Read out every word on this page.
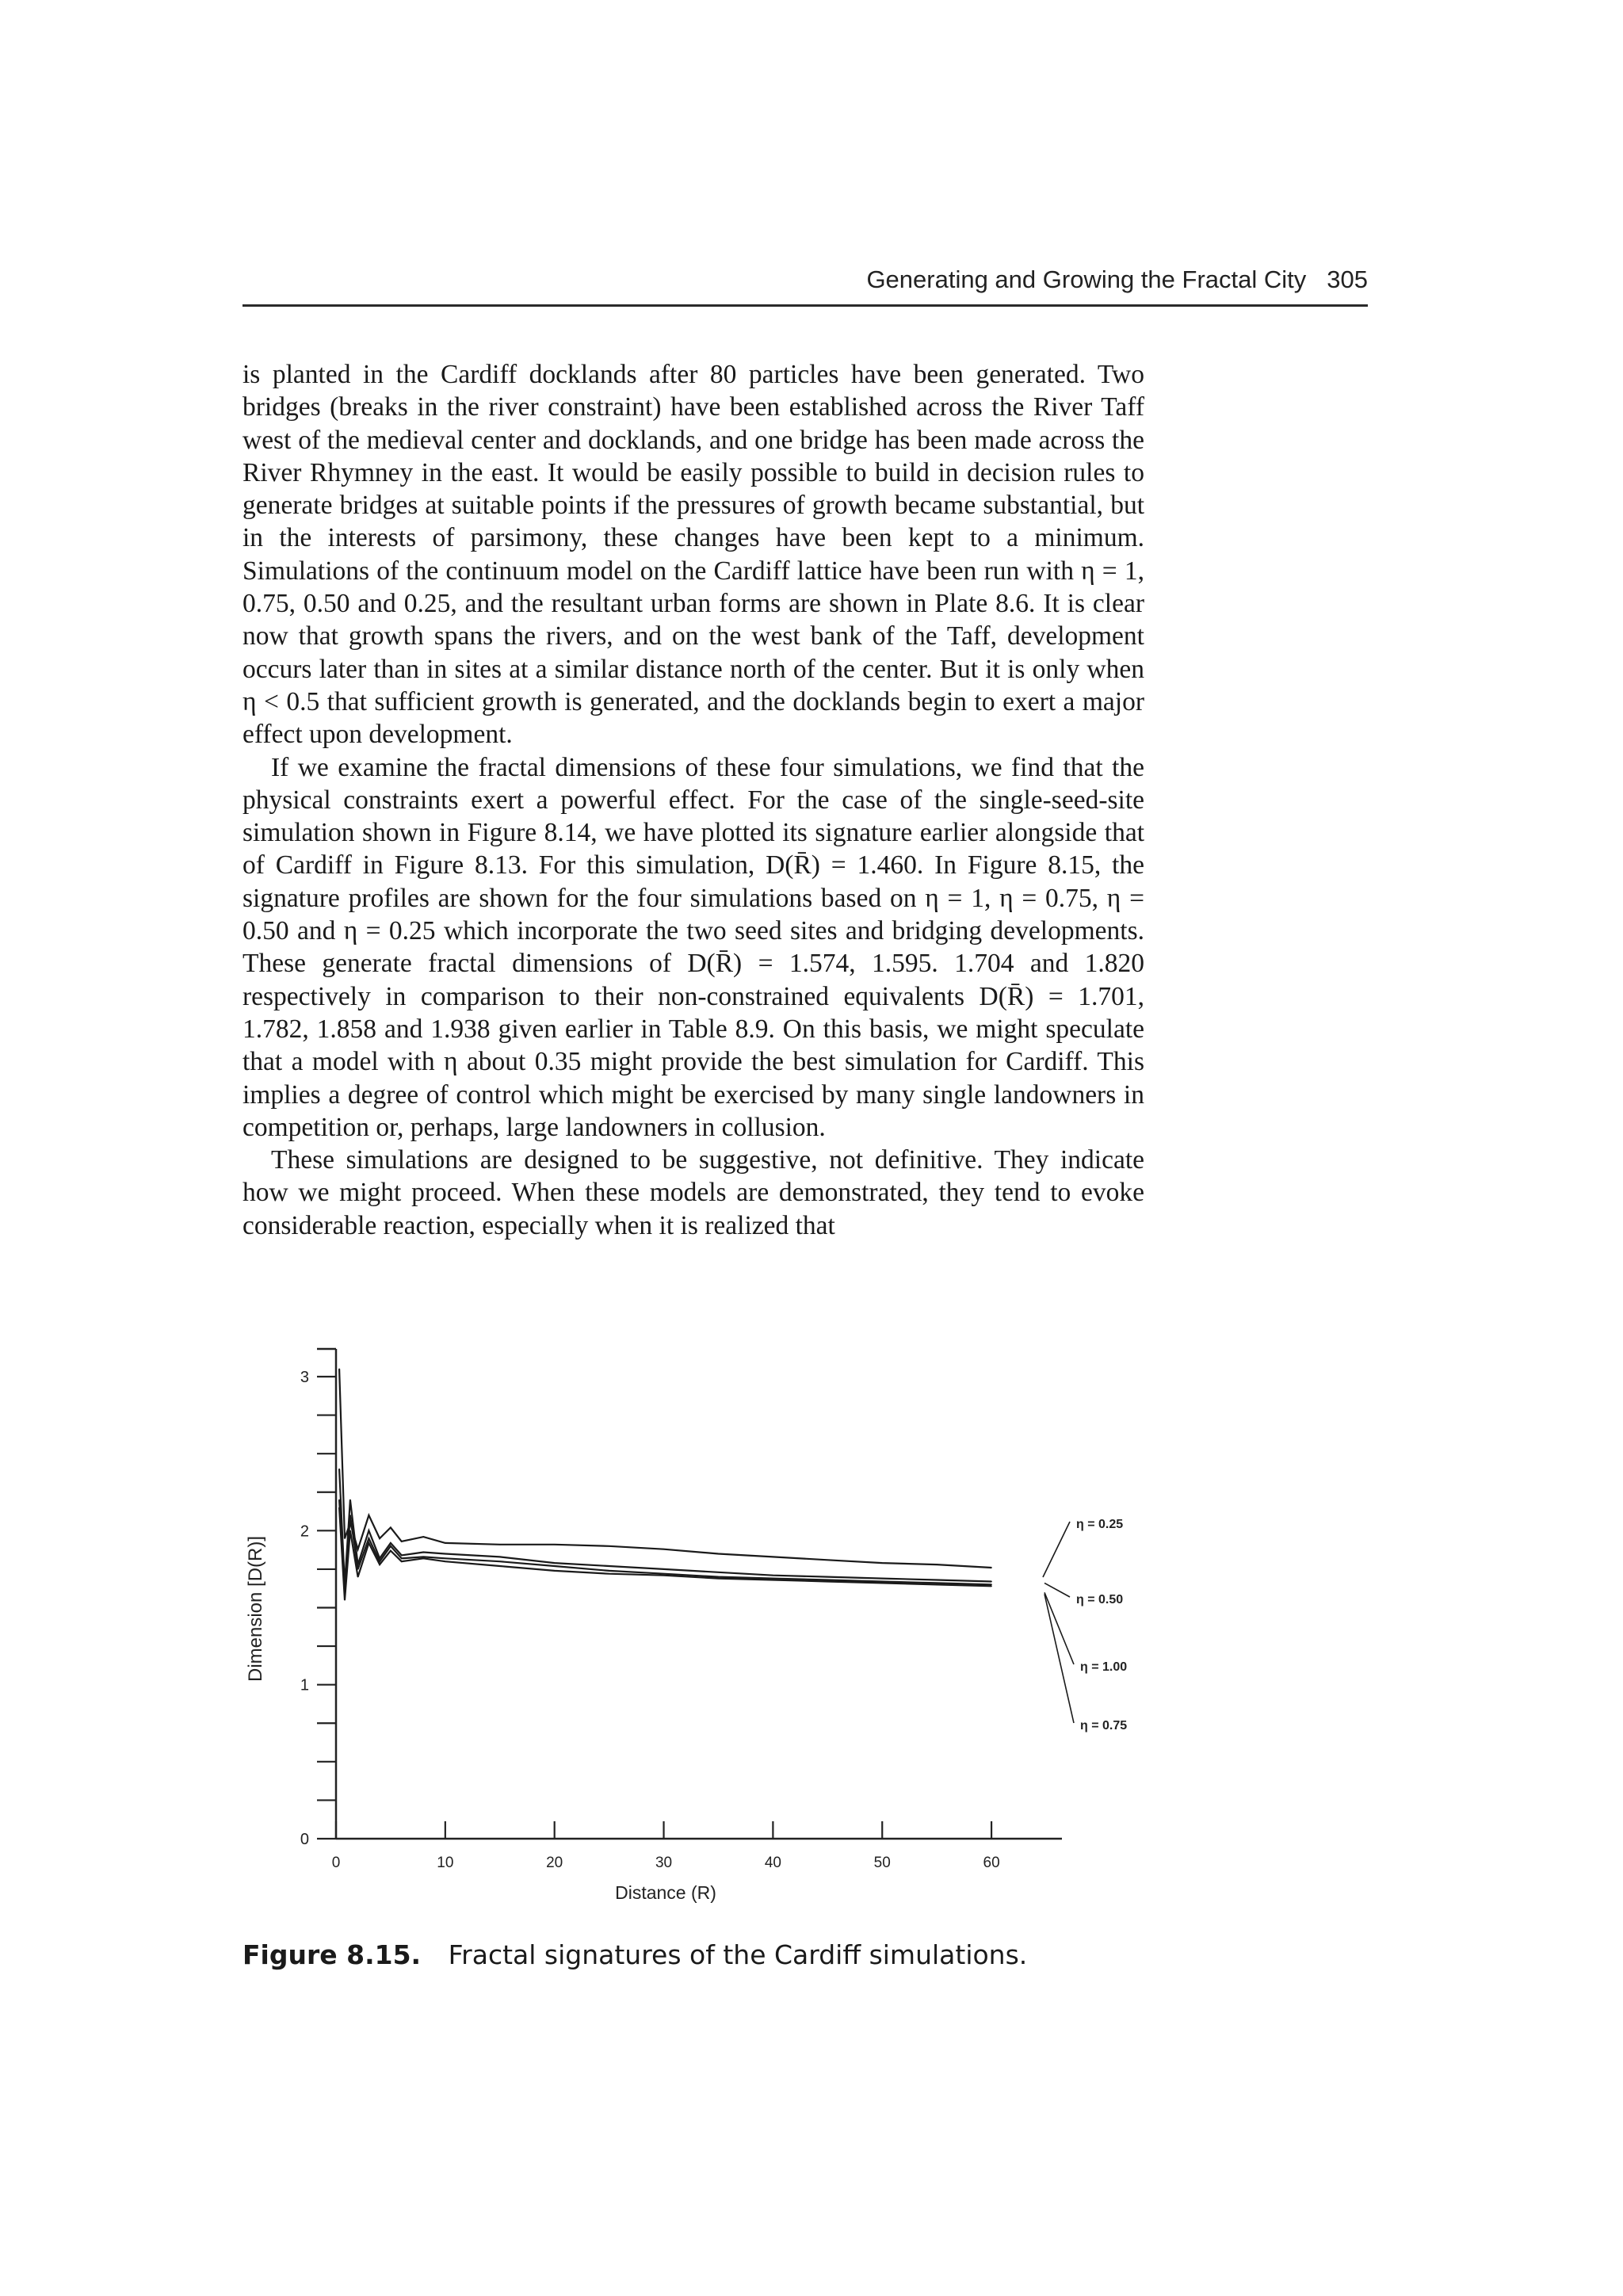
Generating and Growing the Fractal City 305

is planted in the Cardiff docklands after 80 particles have been generated. Two bridges (breaks in the river constraint) have been established across the River Taff west of the medieval center and docklands, and one bridge has been made across the River Rhymney in the east. It would be easily possible to build in decision rules to generate bridges at suitable points if the pressures of growth became substantial, but in the interests of parsimony, these changes have been kept to a minimum. Simulations of the continuum model on the Cardiff lattice have been run with η = 1, 0.75, 0.50 and 0.25, and the resultant urban forms are shown in Plate 8.6. It is clear now that growth spans the rivers, and on the west bank of the Taff, development occurs later than in sites at a similar distance north of the center. But it is only when η < 0.5 that sufficient growth is generated, and the docklands begin to exert a major effect upon development.

If we examine the fractal dimensions of these four simulations, we find that the physical constraints exert a powerful effect. For the case of the single-seed-site simulation shown in Figure 8.14, we have plotted its signature earlier alongside that of Cardiff in Figure 8.13. For this simulation, D(R̄) = 1.460. In Figure 8.15, the signature profiles are shown for the four simulations based on η = 1, η = 0.75, η = 0.50 and η = 0.25 which incorporate the two seed sites and bridging developments. These generate fractal dimensions of D(R̄) = 1.574, 1.595. 1.704 and 1.820 respectively in comparison to their non-constrained equivalents D(R̄) = 1.701, 1.782, 1.858 and 1.938 given earlier in Table 8.9. On this basis, we might speculate that a model with η about 0.35 might provide the best simulation for Cardiff. This implies a degree of control which might be exercised by many single landowners in competition or, perhaps, large landowners in collusion.

These simulations are designed to be suggestive, not definitive. They indicate how we might proceed. When these models are demonstrated, they tend to evoke considerable reaction, especially when it is realized that

0
1
2
3
0	10	20	30	40	50	60
Distance (R)
Dimension [D(R)]
η = 0.25
η = 0.50
η = 1.00
η = 0.75
Figure 8.15. Fractal signatures of the Cardiff simulations.
